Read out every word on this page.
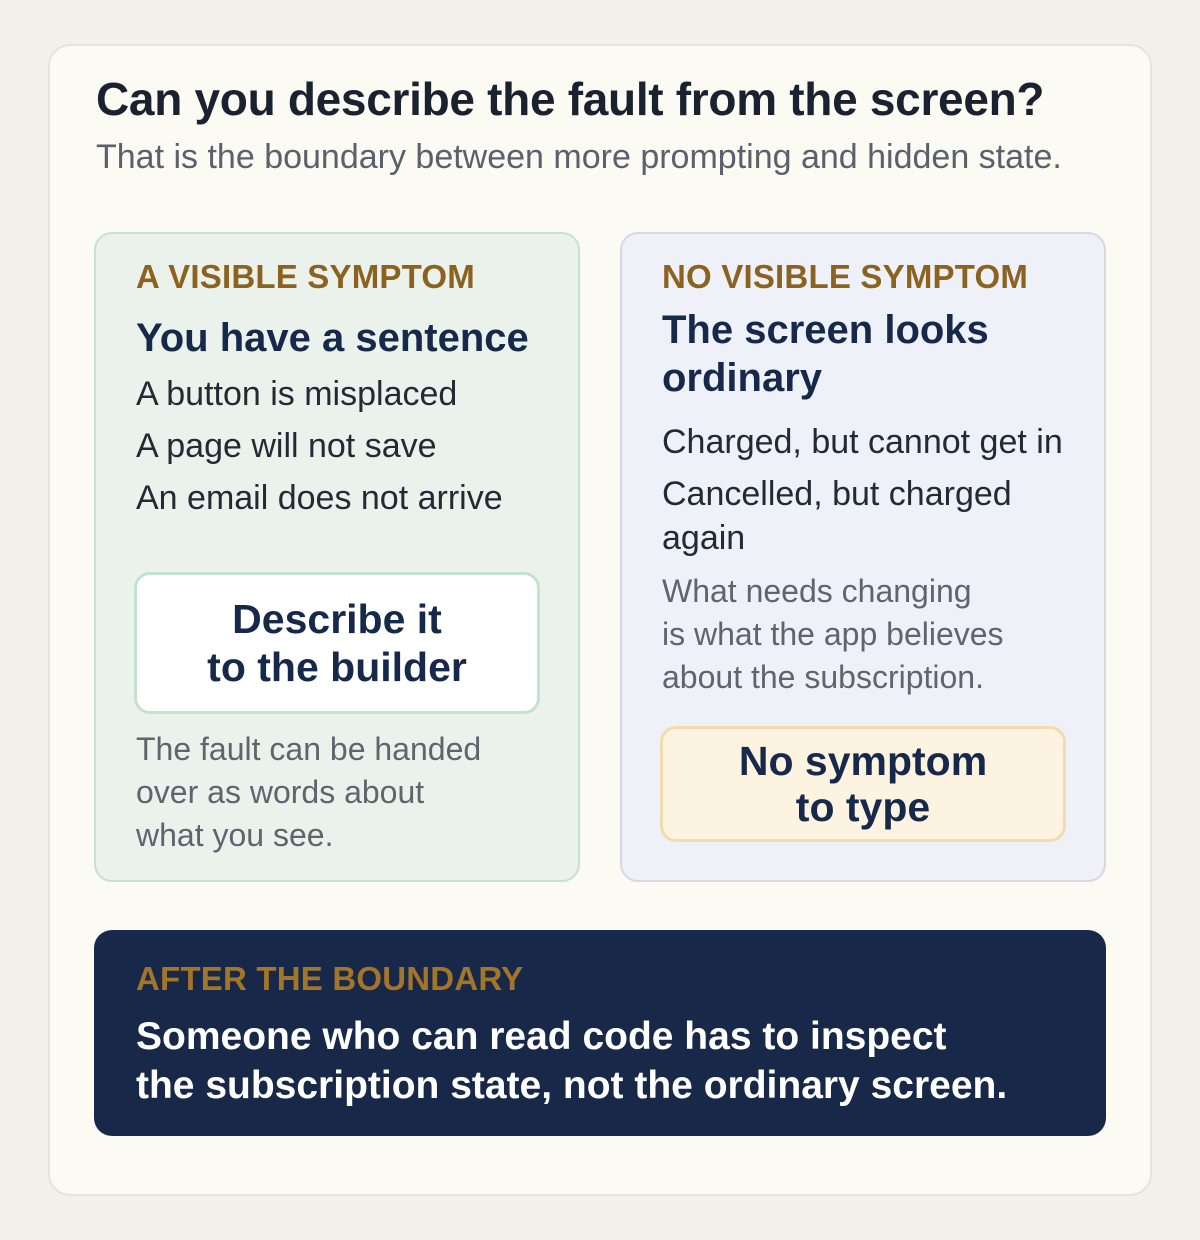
Can you describe the fault from the screen?
That is the boundary between more prompting and hidden state.
A VISIBLE SYMPTOM
You have a sentence
A button is misplaced
A page will not save
An email does not arrive
Describe it
to the builder
The fault can be handed
over as words about
what you see.
NO VISIBLE SYMPTOM
The screen looks
ordinary
Charged, but cannot get in
Cancelled, but charged
again
What needs changing
is what the app believes
about the subscription.
No symptom
to type
AFTER THE BOUNDARY
Someone who can read code has to inspect
the subscription state, not the ordinary screen.
